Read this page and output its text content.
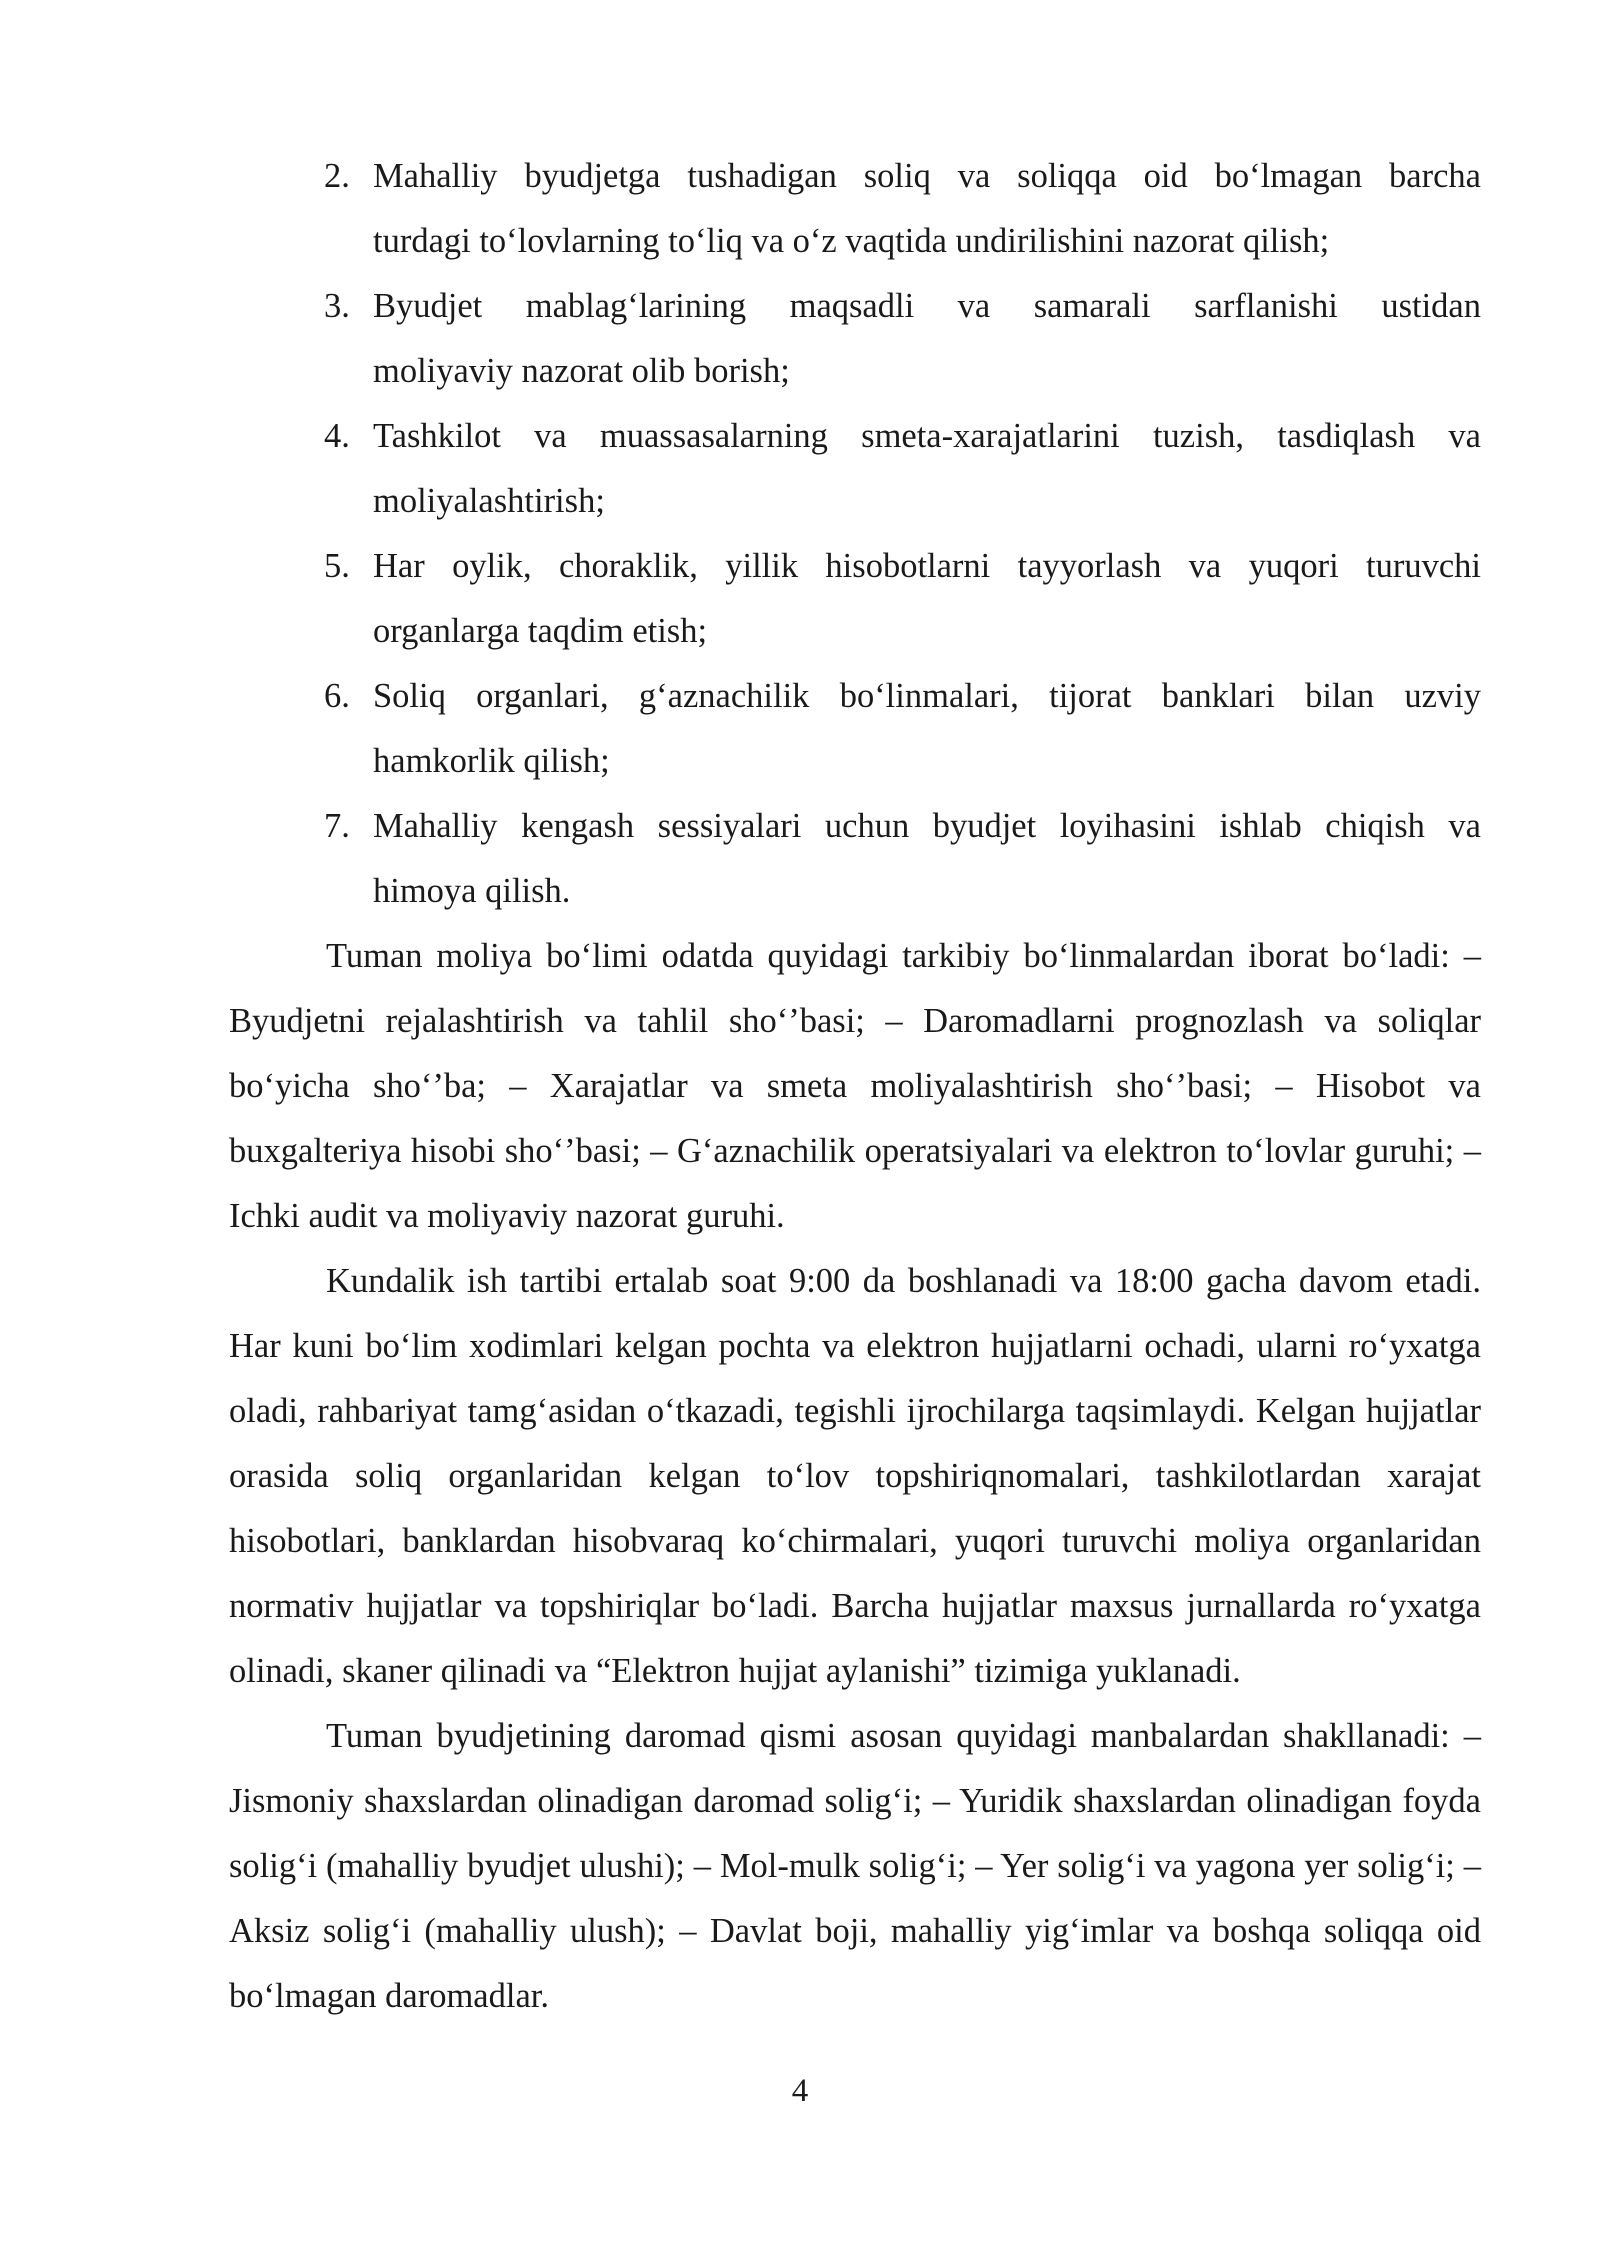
2. Mahalliy byudjetga tushadigan soliq va soliqqa oid bo‘lmagan barcha
turdagi to‘lovlarning to‘liq va o‘z vaqtida undirilishini nazorat qilish;
3. Byudjet mablag‘larining maqsadli va samarali sarflanishi ustidan
moliyaviy nazorat olib borish;
4. Tashkilot va muassasalarning smeta-xarajatlarini tuzish, tasdiqlash va
moliyalashtirish;
5. Har oylik, choraklik, yillik hisobotlarni tayyorlash va yuqori turuvchi
organlarga taqdim etish;
6. Soliq organlari, g‘aznachilik bo‘linmalari, tijorat banklari bilan uzviy
hamkorlik qilish;
7. Mahalliy kengash sessiyalari uchun byudjet loyihasini ishlab chiqish va
himoya qilish.

Tuman moliya bo‘limi odatda quyidagi tarkibiy bo‘linmalardan iborat bo‘ladi: – Byudjetni rejalashtirish va tahlil sho‘’basi; – Daromadlarni prognozlash va soliqlar bo‘yicha sho‘’ba; – Xarajatlar va smeta moliyalashtirish sho‘’basi; – Hisobot va buxgalteriya hisobi sho‘’basi; – G‘aznachilik operatsiyalari va elektron to‘lovlar guruhi; – Ichki audit va moliyaviy nazorat guruhi.

Kundalik ish tartibi ertalab soat 9:00 da boshlanadi va 18:00 gacha davom etadi. Har kuni bo‘lim xodimlari kelgan pochta va elektron hujjatlarni ochadi, ularni ro‘yxatga oladi, rahbariyat tamg‘asidan o‘tkazadi, tegishli ijrochilarga taqsimlaydi. Kelgan hujjatlar orasida soliq organlaridan kelgan to‘lov topshiriqnomalari, tashkilotlardan xarajat hisobotlari, banklardan hisobvaraq ko‘chirmalari, yuqori turuvchi moliya organlaridan normativ hujjatlar va topshiriqlar bo‘ladi. Barcha hujjatlar maxsus jurnallarda ro‘yxatga olinadi, skaner qilinadi va “Elektron hujjat aylanishi” tizimiga yuklanadi.

Tuman byudjetining daromad qismi asosan quyidagi manbalardan shakllanadi: – Jismoniy shaxslardan olinadigan daromad solig‘i; – Yuridik shaxslardan olinadigan foyda solig‘i (mahalliy byudjet ulushi); – Mol-mulk solig‘i; – Yer solig‘i va yagona yer solig‘i; – Aksiz solig‘i (mahalliy ulush); – Davlat boji, mahalliy yig‘imlar va boshqa soliqqa oid bo‘lmagan daromadlar.

4
